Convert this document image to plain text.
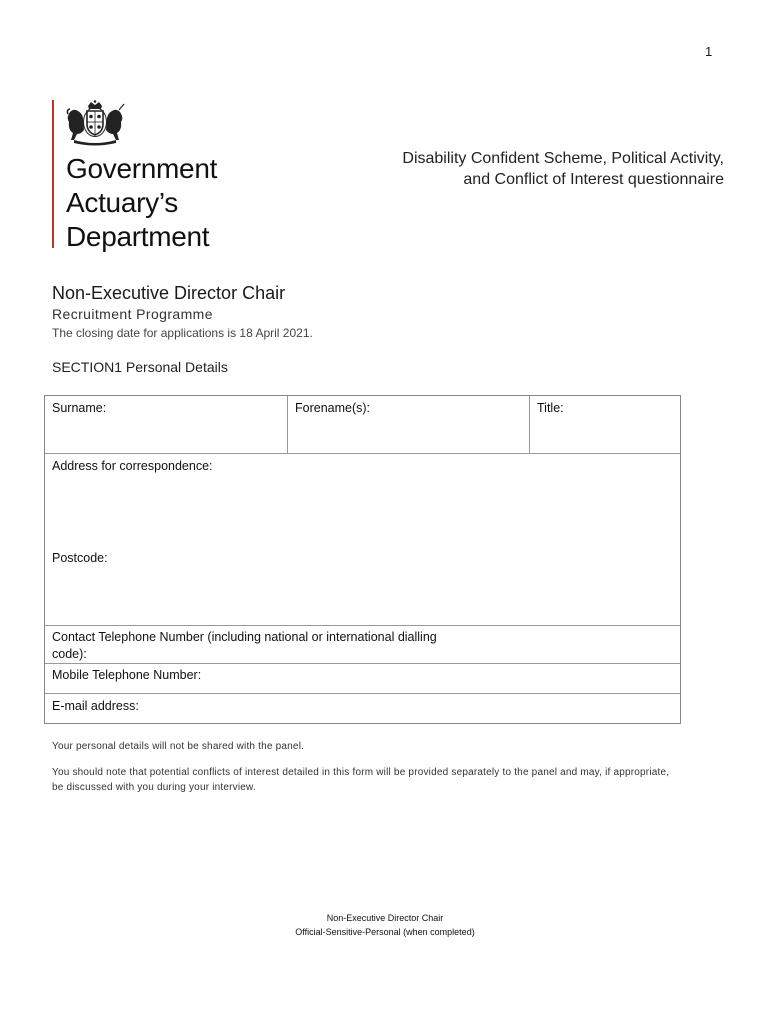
1
Government
Actuary’s
Department
Disability Confident Scheme, Political Activity, and Conflict of Interest questionnaire
Non-Executive Director Chair
Recruitment Programme
The closing date for applications is 18 April 2021.
SECTION1 Personal Details
Surname:	Forename(s):	Title:
Address for correspondence:
Postcode:
Contact Telephone Number (including national or international dialling code):
Mobile Telephone Number:
E-mail address:
Your personal details will not be shared with the panel.
You should note that potential conflicts of interest detailed in this form will be provided separately to the panel and may, if appropriate, be discussed with you during your interview.
Non-Executive Director Chair
Official-Sensitive-Personal (when completed)
